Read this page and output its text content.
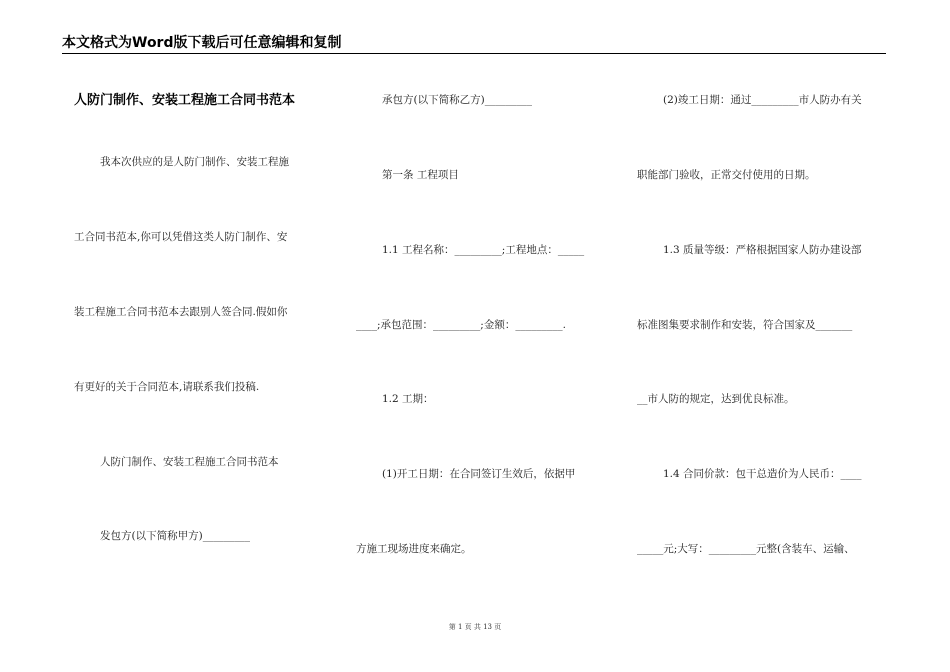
本文格式为Word版下载后可任意编辑和复制
人防门制作、安装工程施工合同书范本
我本次供应的是人防门制作、安装工程施
工合同书范本,你可以凭借这类人防门制作、安
装工程施工合同书范本去跟别人签合同.假如你
有更好的关于合同范本,请联系我们投稿.
人防门制作、安装工程施工合同书范本
发包方(以下简称甲方)_________
承包方(以下简称乙方)_________
第一条 工程项目
1.1 工程名称：_________;工程地点：_____
____;承包范围：_________;金额：_________.
1.2 工期：
(1)开工日期：在合同签订生效后，依据甲
方施工现场进度来确定。
(2)竣工日期：通过_________市人防办有关
职能部门验收，正常交付使用的日期。
1.3 质量等级：严格根据国家人防办建设部
标准图集要求制作和安装，符合国家及_______
__市人防的规定，达到优良标准。
1.4 合同价款：包干总造价为人民币：____
_____元;大写：_________元整(含装车、运输、
第 1 页 共 13 页
